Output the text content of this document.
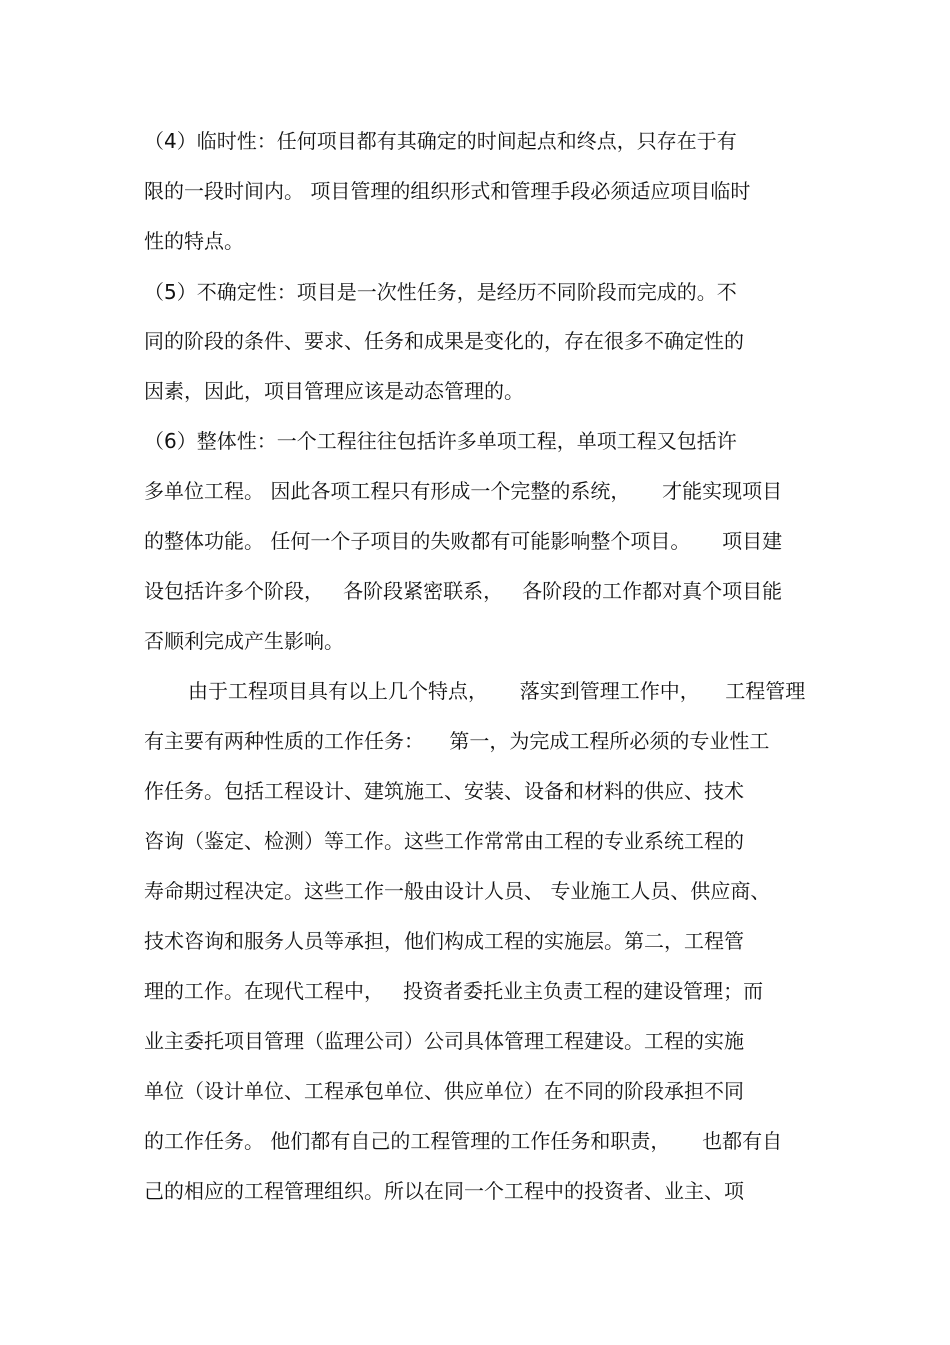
（4）临时性：任何项目都有其确定的时间起点和终点，只存在于有
限的一段时间内。 项目管理的组织形式和管理手段必须适应项目临时
性的特点。
（5）不确定性：项目是一次性任务，是经历不同阶段而完成的。不
同的阶段的条件、要求、任务和成果是变化的，存在很多不确定性的
因素，因此，项目管理应该是动态管理的。
（6）整体性：一个工程往往包括许多单项工程，单项工程又包括许
多单位工程。 因此各项工程只有形成一个完整的系统，     才能实现项目
的整体功能。 任何一个子项目的失败都有可能影响整个项目。     项目建
设包括许多个阶段，   各阶段紧密联系，   各阶段的工作都对真个项目能
否顺利完成产生影响。
由于工程项目具有以上几个特点，     落实到管理工作中，    工程管理
有主要有两种性质的工作任务：    第一，为完成工程所必须的专业性工
作任务。包括工程设计、建筑施工、安装、设备和材料的供应、技术
咨询（鉴定、检测）等工作。这些工作常常由工程的专业系统工程的
寿命期过程决定。这些工作一般由设计人员、 专业施工人员、供应商、
技术咨询和服务人员等承担，他们构成工程的实施层。第二，工程管
理的工作。在现代工程中，   投资者委托业主负责工程的建设管理；而
业主委托项目管理（监理公司）公司具体管理工程建设。工程的实施
单位（设计单位、工程承包单位、供应单位）在不同的阶段承担不同
的工作任务。 他们都有自己的工程管理的工作任务和职责，     也都有自
己的相应的工程管理组织。所以在同一个工程中的投资者、业主、项
